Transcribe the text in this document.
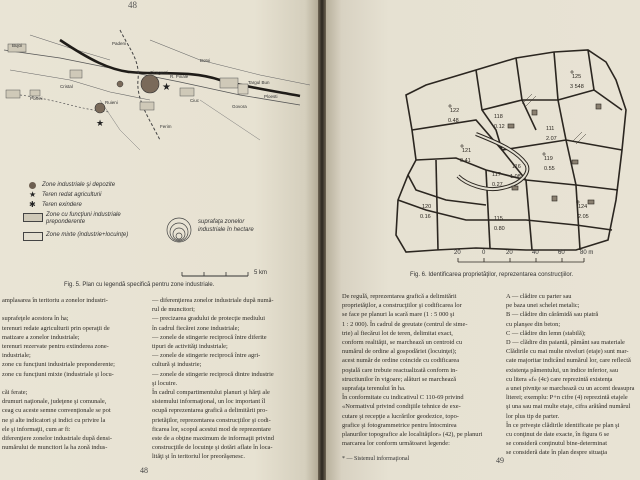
48
★
★
Padeni
Bujoi
Ruieni
R. Pinale
Targul Bun
Ciragesti
Poieni
Govora
Ploesti
Ciuc
Ferim
Cristal
Botoi
Zone industriale şi depozite
★ Teren redat agriculturii
✱ Teren exindere
Zone cu funcţiuni industriale preponderente
Zone mixte (industrie+locuinţe)
suprafaţa zonelor
industriale în hectare
5 km
Fig. 5. Plan cu legendă specifică pentru zone industriale.

amplasarea în teritoriu a zonelor industri-

suprafeţele acestora în ha;

terenuri redate agriculturii prin operaţii de

matizare a zonelor industriale;

terenuri rezervate pentru extinderea zone-

industriale;

zone cu funcţiuni industriale preponderente;

zone cu funcţiuni mixte (industriale şi locu-

căi ferate;

drumuri naţionale, judeţene şi comunale,

ceag cu aceste semne convenţionale se pot

ne şi alte indicatori şi indici cu privire la

ele şi informaţii, cum ar fi:

diferenţiere zonelor industriale după densi-

numărului de muncitori la ha zonă indus-

— diferenţierea zonelor industriale după numă-

rul de muncitori;

— precizarea gradului de protecţie mediului

în cadrul fiecărei zone industriale;

— zonele de stingerie reciprocă între diferite

tipuri de activităţi industriale;

— zonele de stingerie reciprocă între agri-

cultură şi industrie;

— zonele de stingerie reciprocă dintre industrie

şi locuire.

În cadrul compartimentului planuri şi hărţi ale

sistemului informaţional, un loc important îl

ocupă reprezentarea grafică a delimitării pro-

prietăţilor, reprezentarea construcţiilor şi codi-

ficarea lor, scopul acestui mod de reprezentare

este de a obţine maximum de informaţii privind

construcţiile de locuinţe şi dotări aflate în loca-

lităţi şi în teritoriul lor preorăşenesc.

48
125
3 548
122
0.48
118
0.12
121
0.41
117
0.27
119
0.55
116
1.08
120
0.16
124
2.05
115
0.80
111
2.07
20	0	20	40	60	80 m
Fig. 6. Identificarea proprietăţilor, reprezentarea construcţiilor.

De regulă, reprezentarea grafică a delimitării

proprietăţilor, a construcţiilor şi codificarea lor

se face pe planuri la scară mare (1 : 5 000 şi

1 : 2 000). În cadrul de greutate (centrul de sime-

trie) al fiecărui lot de teren, delimitat exact,

conform realităţii, se marchează un centroid cu

numărul de ordine al gospodăriei (locuinţei);

acest număr de ordine coincide cu codificarea

poştală care trebuie reactualizată conform in-

structiunilor în vigoare; alături se marchează

suprafaţa terenului în ha.

În conformitate cu indicativul C 110-69 privind

«Normativul privind condiţiile tehnice de exe-

cutare şi recepţie a lucrărilor geodezice, topo-

grafice şi fotogrammetrice pentru întocmirea

planurilor topografice ale localităţilor» (42), pe planuri

marcarea lor conform următoarei legende:

A — clădire cu parter sau

pe baza unei schelet metalic;

B — clădire din cărămidă sau piatră

cu planşee din beton;

C — clădire din lemn (stabilă);

D — clădire din paiantă, pământ sau materiale

Clădirile cu mai multe niveluri (etaje) sunt mar-

cate majoritar indicând numărul lor, care reflectă

existenţa pămentului, un indice inferior, sau

cu litera «f» (4c) care reprezintă existenţa

a unei pivniţe se marchează cu un accent deasupra

literei; exemplu: P+n cifre (4) reprezintă etajele

şi una sau mai multe etaje, cifra arătând numărul

lor plus tip de parter.

În ce priveşte clădirile identificate pe plan şi

cu conţinut de date exacte, în figura 6 se

se consideră conţinutul bine-determinat

se consideră date în plan despre situaţia

* — Sistemul informaţional	49
